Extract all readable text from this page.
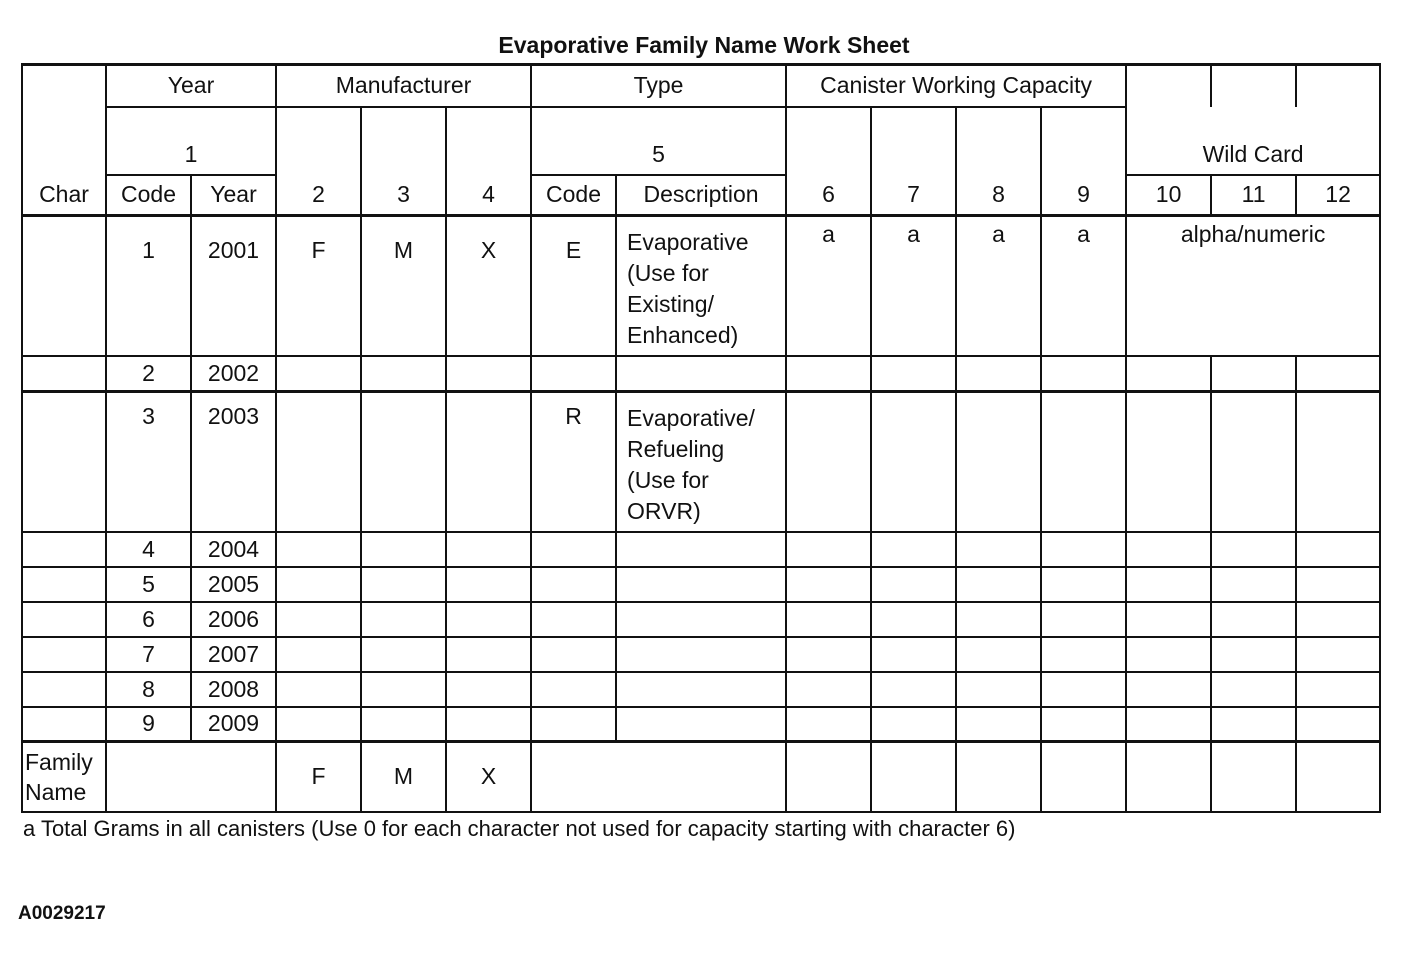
Evaporative Family Name Work Sheet
Char	Year		Manufacturer			Type		Canister Working Capacity						
	1		2	3	4	5		6	7	8	9	Wild Card		
	Code	Year				Code	Description					10	11	12
	1	2001	F	M	X	E	Evaporative (Use for Existing/ Enhanced)	a	a	a	a	alpha/numeric		
	2	2002												
	3	2003				R	Evaporative/ Refueling (Use for ORVR)							
	4	2004												
	5	2005												
	6	2006												
	7	2007												
	8	2008												
	9	2009												
Family Name			F	M	X									
a Total Grams in all canisters (Use 0 for each character not used for capacity starting with character 6)
A0029217
